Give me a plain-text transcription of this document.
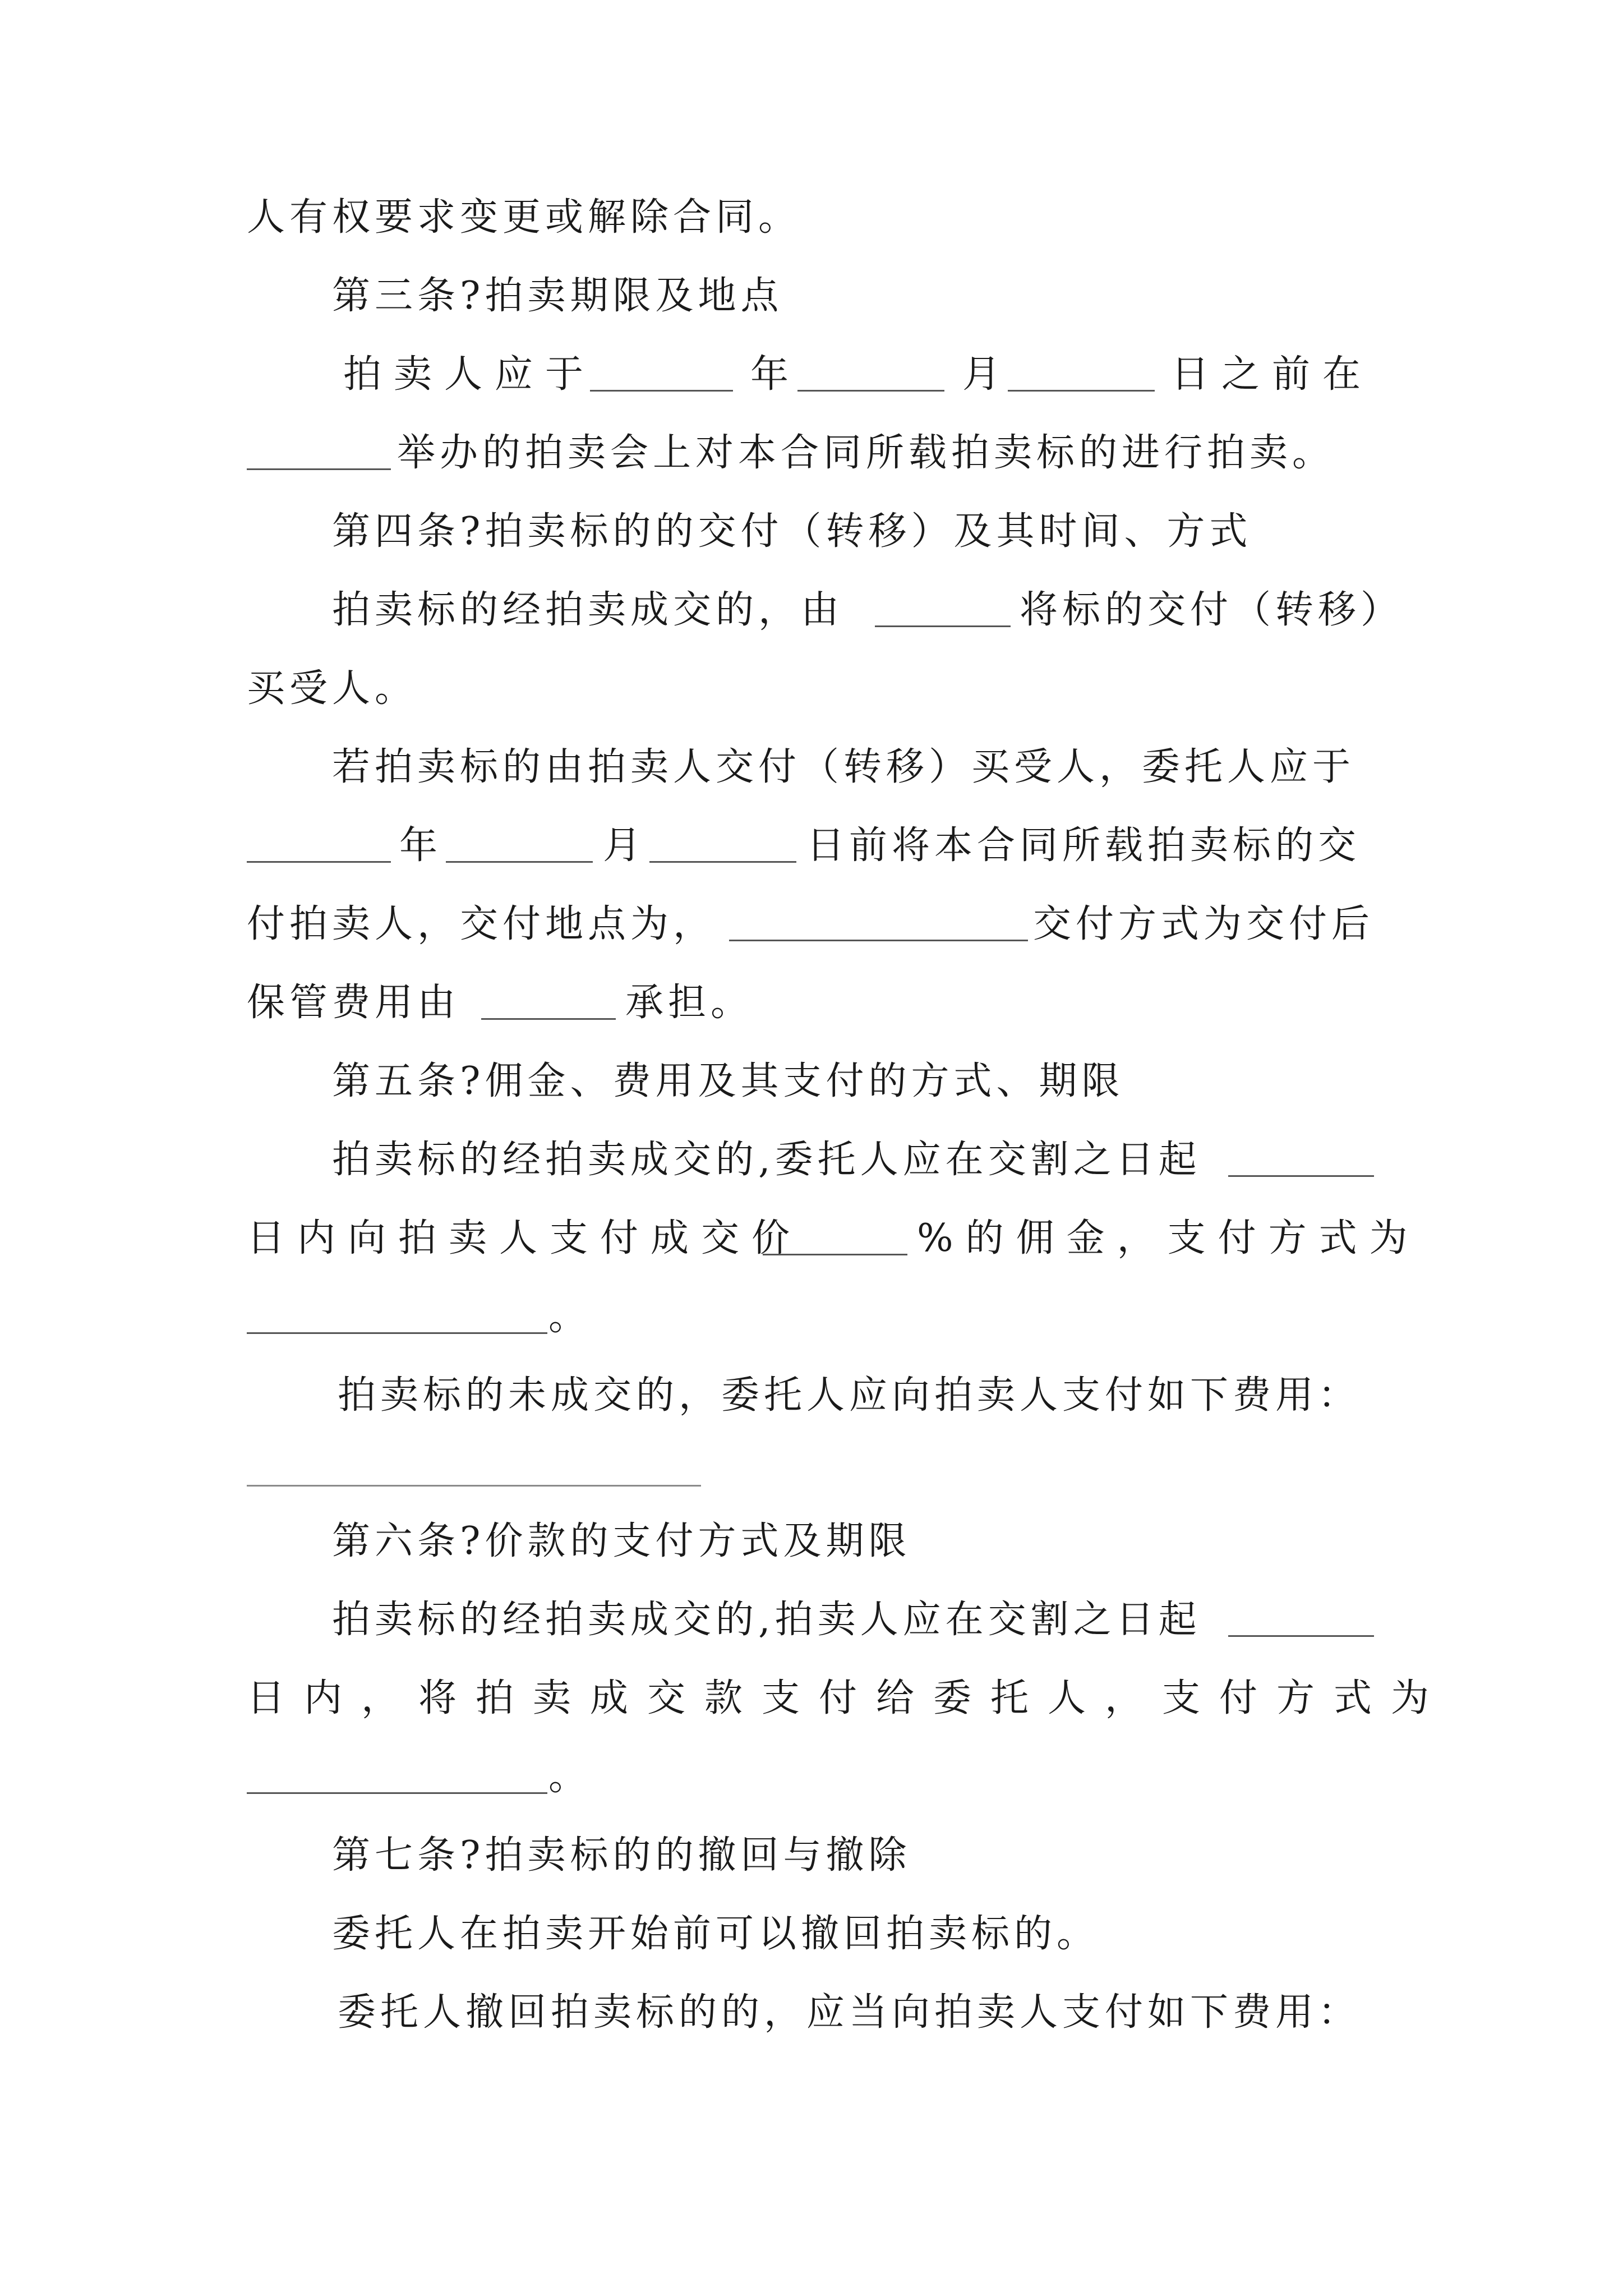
人有权要求变更或解除合同。
第三条?拍卖期限及地点
拍卖人应于	年	月	日之前在
举办的拍卖会上对本合同所载拍卖标的进行拍卖。
第四条?拍卖标的的交付（转移）及其时间、方式
拍卖标的经拍卖成交的，由	将标的交付（转移）
买受人。
若拍卖标的由拍卖人交付（转移）买受人，委托人应于
年	月	日前将本合同所载拍卖标的交
付拍卖人，交付地点为，	交付方式为交付后
保管费用由	承担。
第五条?佣金、费用及其支付的方式、期限
拍卖标的经拍卖成交的,委托人应在交割之日起
日内向拍卖人支付成交价	%的佣金，支付方式为
。
拍卖标的未成交的，委托人应向拍卖人支付如下费用：
第六条?价款的支付方式及期限
拍卖标的经拍卖成交的,拍卖人应在交割之日起
日内，将拍卖成交款支付给委托人，支付方式为
。
第七条?拍卖标的的撤回与撤除
委托人在拍卖开始前可以撤回拍卖标的。
委托人撤回拍卖标的的，应当向拍卖人支付如下费用：
